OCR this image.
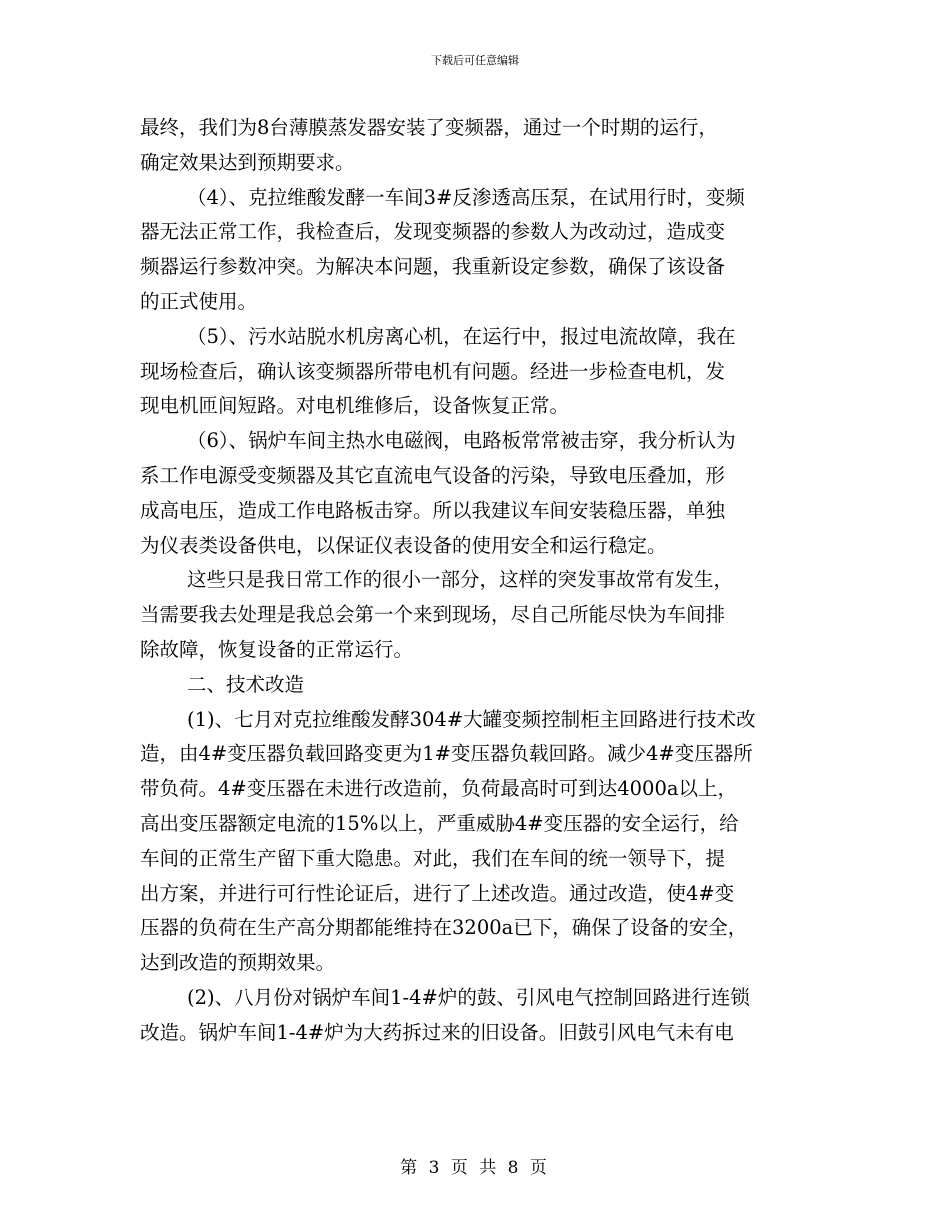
下载后可任意编辑
最终，我们为8台薄膜蒸发器安装了变频器，通过一个时期的运行，
确定效果达到预期要求。
（4）、克拉维酸发酵一车间3#反渗透高压泵，在试用行时，变频
器无法正常工作，我检查后，发现变频器的参数人为改动过，造成变
频器运行参数冲突。为解决本问题，我重新设定参数，确保了该设备
的正式使用。
（5）、污水站脱水机房离心机，在运行中，报过电流故障，我在
现场检查后，确认该变频器所带电机有问题。经进一步检查电机，发
现电机匝间短路。对电机维修后，设备恢复正常。
（6）、锅炉车间主热水电磁阀，电路板常常被击穿，我分析认为
系工作电源受变频器及其它直流电气设备的污染，导致电压叠加，形
成高电压，造成工作电路板击穿。所以我建议车间安装稳压器，单独
为仪表类设备供电，以保证仪表设备的使用安全和运行稳定。
这些只是我日常工作的很小一部分，这样的突发事故常有发生，
当需要我去处理是我总会第一个来到现场，尽自己所能尽快为车间排
除故障，恢复设备的正常运行。
二、技术改造
(1)、七月对克拉维酸发酵304#大罐变频控制柜主回路进行技术改
造，由4#变压器负载回路变更为1#变压器负载回路。减少4#变压器所
带负荷。4#变压器在未进行改造前，负荷最高时可到达4000a以上，
高出变压器额定电流的15%以上，严重威胁4#变压器的安全运行，给
车间的正常生产留下重大隐患。对此，我们在车间的统一领导下，提
出方案，并进行可行性论证后，进行了上述改造。通过改造，使4#变
压器的负荷在生产高分期都能维持在3200a已下，确保了设备的安全，
达到改造的预期效果。
(2)、八月份对锅炉车间1-4#炉的鼓、引风电气控制回路进行连锁
改造。锅炉车间1-4#炉为大药拆过来的旧设备。旧鼓引风电气未有电
第 3 页 共 8 页
